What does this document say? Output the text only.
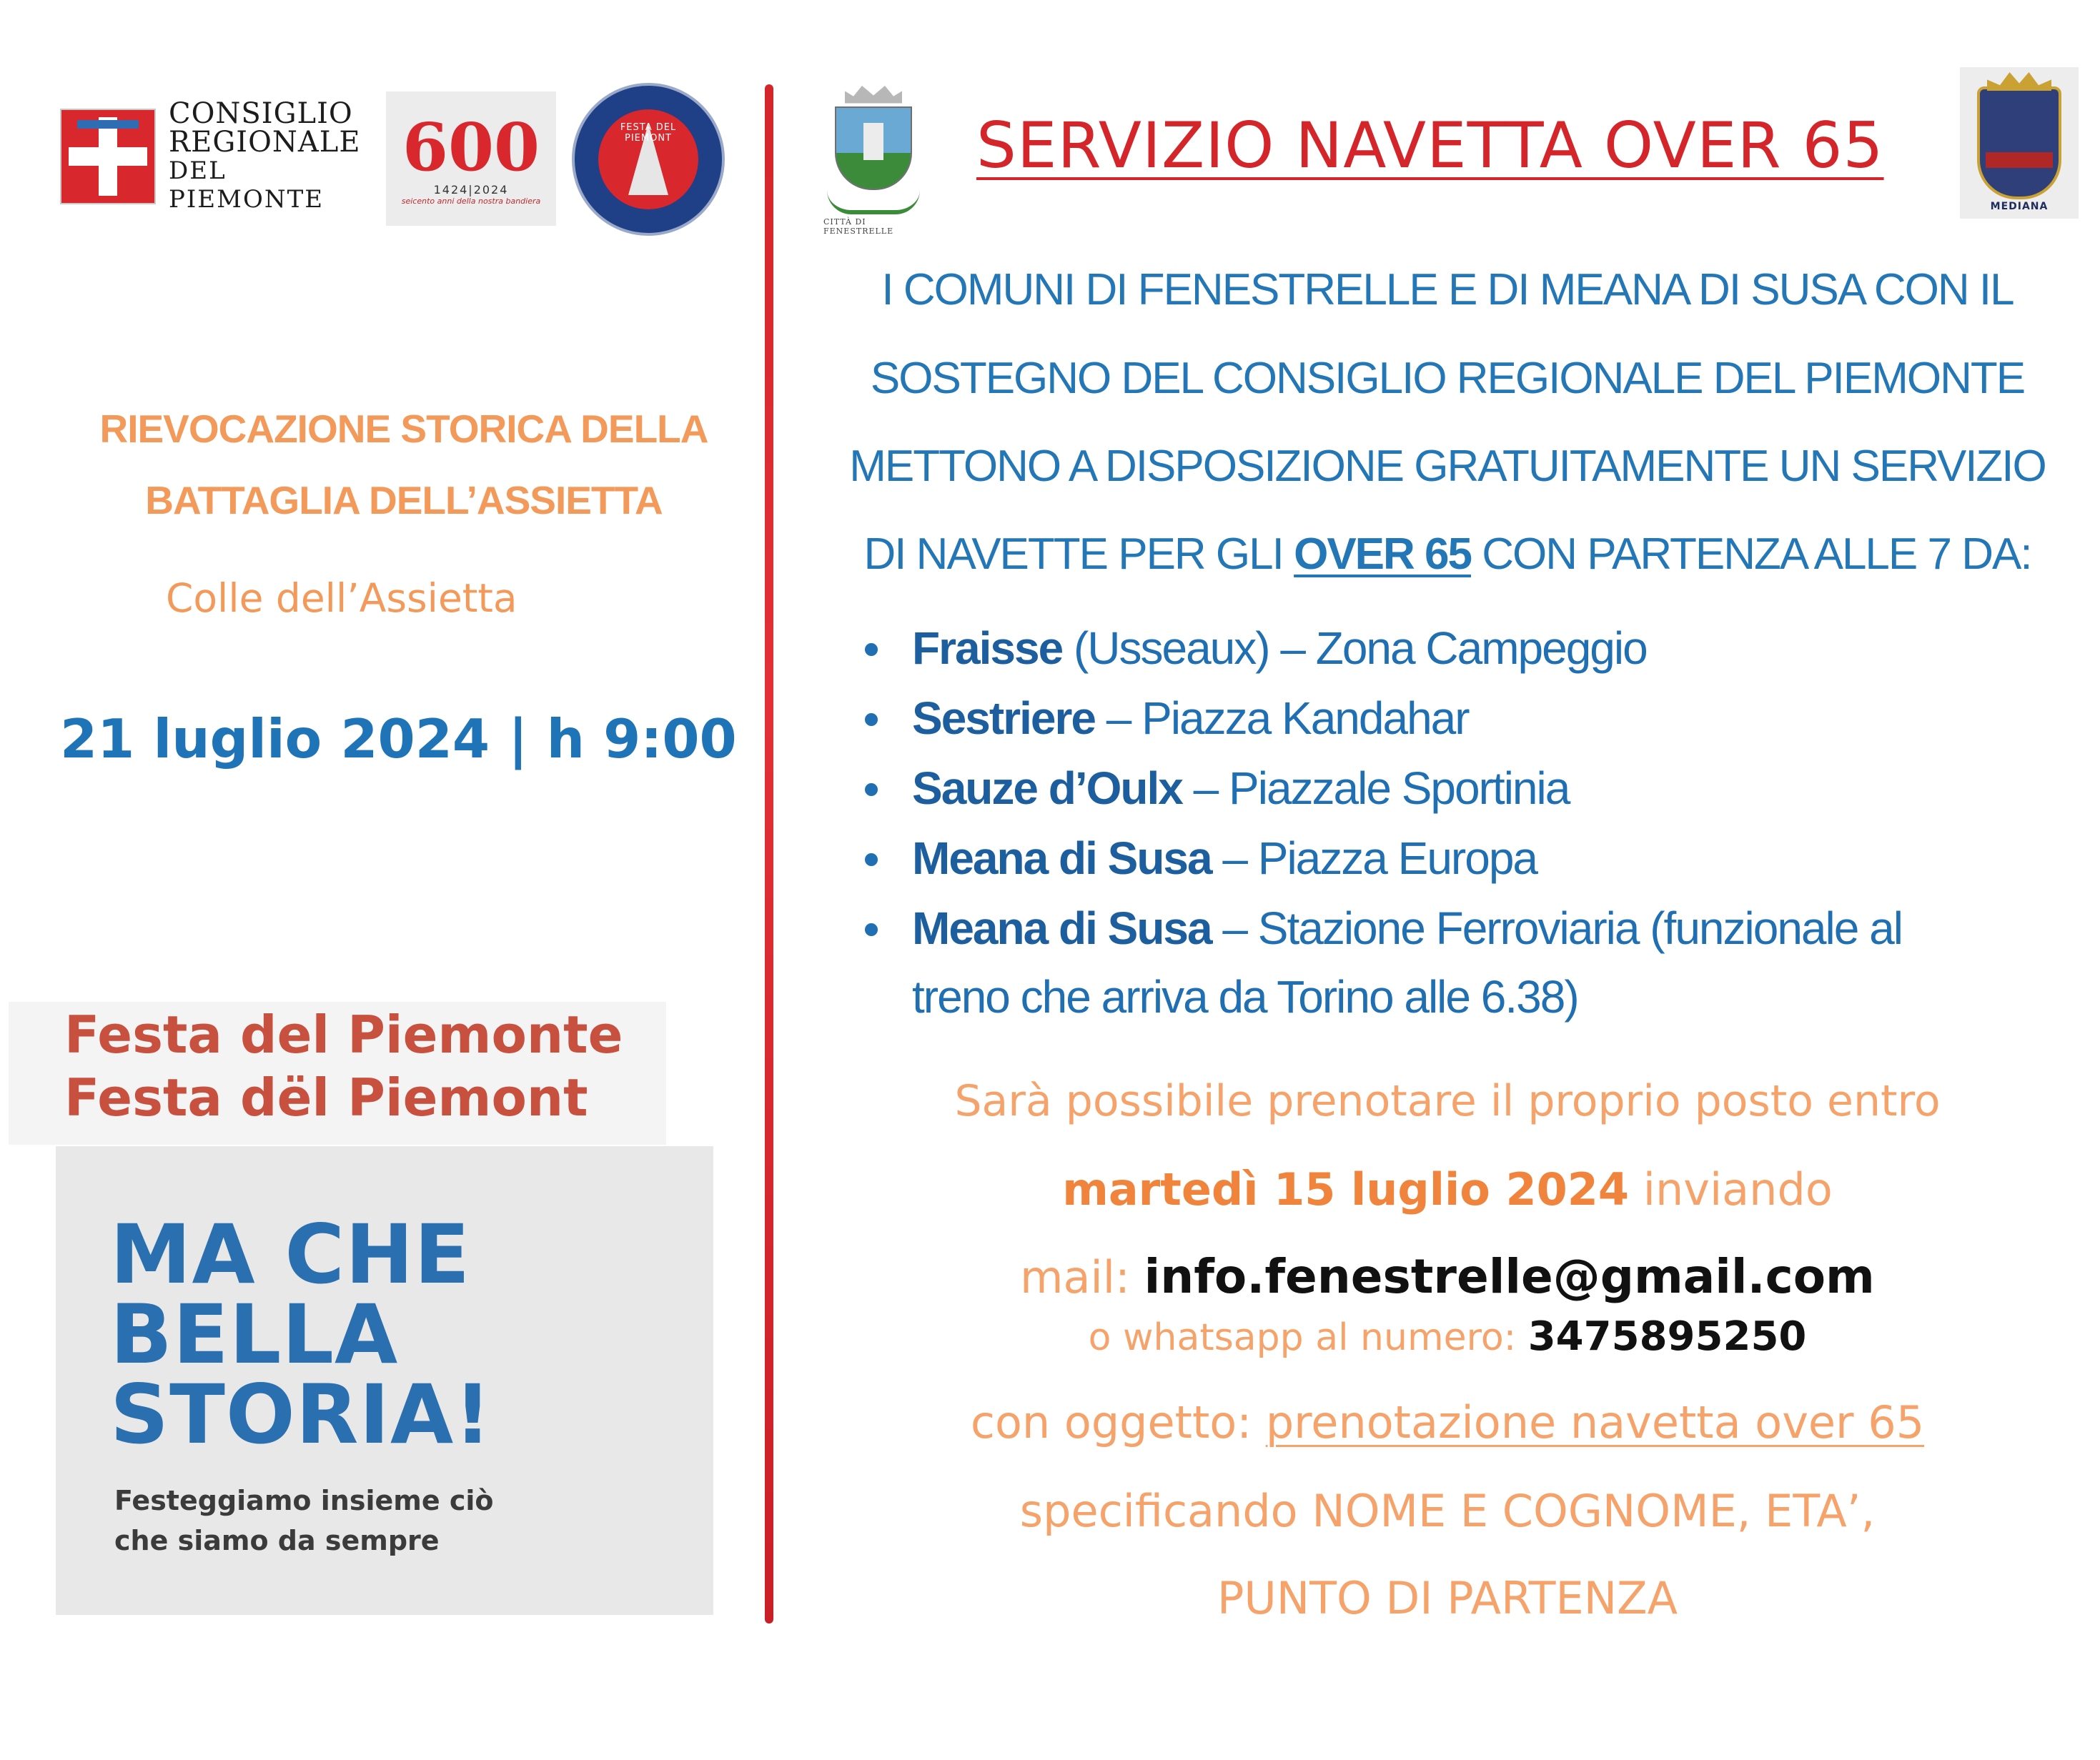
CONSIGLIO
REGIONALE
DEL PIEMONTE
600
1424|2024
seicento anni della nostra bandiera
FESTA DEL PIEMONT
RIEVOCAZIONE STORICA DELLA
BATTAGLIA DELL’ASSIETTA
Colle dell’Assietta
21 luglio 2024 | h 9:00
Festa del Piemonte
Festa dël Piemont
MA CHE
BELLA
STORIA!
Festeggiamo insieme ciò
che siamo da sempre
CITTÀ DI FENESTRELLE
SERVIZIO NAVETTA OVER 65
MEDIANA
I COMUNI DI FENESTRELLE E DI MEANA DI SUSA CON IL
SOSTEGNO DEL CONSIGLIO REGIONALE DEL PIEMONTE
METTONO A DISPOSIZIONE GRATUITAMENTE UN SERVIZIO
DI NAVETTE PER GLI OVER 65 CON PARTENZA ALLE 7 DA:
Fraisse (Usseaux) – Zona Campeggio
Sestriere – Piazza Kandahar
Sauze d’Oulx – Piazzale Sportinia
Meana di Susa – Piazza Europa
Meana di Susa – Stazione Ferroviaria (funzionale al
treno che arriva da Torino alle 6.38)
Sarà possibile prenotare il proprio posto entro
martedì 15 luglio 2024 inviando
mail: info.fenestrelle@gmail.com
o whatsapp al numero: 3475895250
con oggetto: prenotazione navetta over 65
specificando NOME E COGNOME, ETA’,
PUNTO DI PARTENZA
